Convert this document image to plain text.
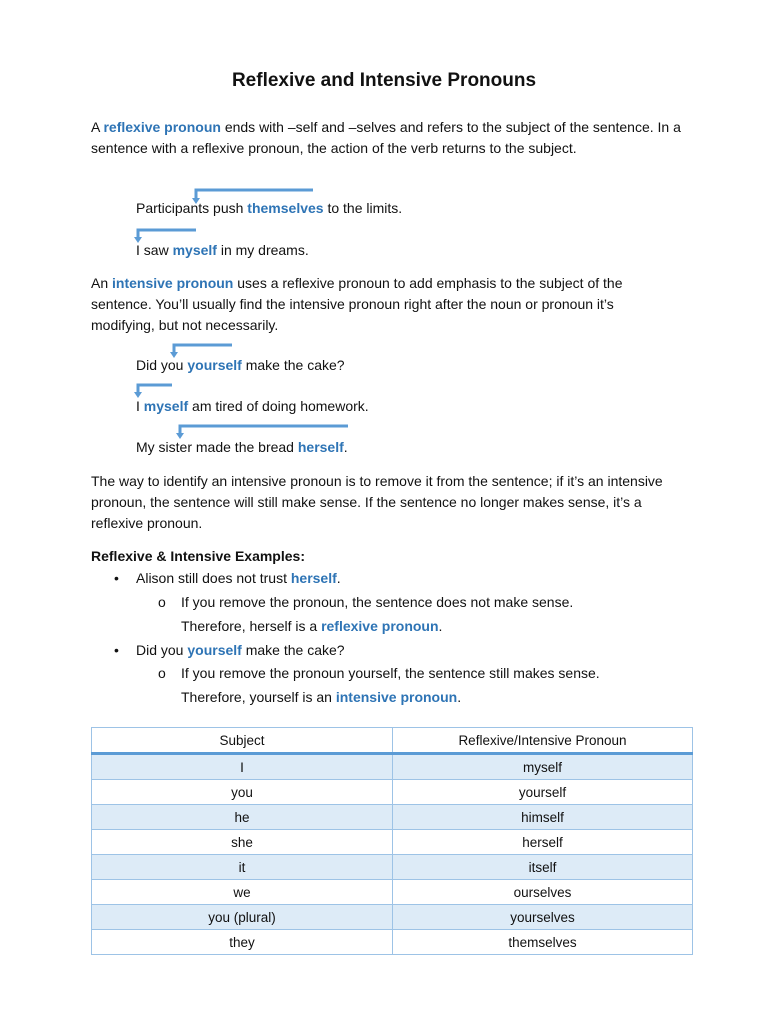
Reflexive and Intensive Pronouns
A reflexive pronoun ends with –self and –selves and refers to the subject of the sentence. In a sentence with a reflexive pronoun, the action of the verb returns to the subject.
Participants push themselves to the limits.
I saw myself in my dreams.
An intensive pronoun uses a reflexive pronoun to add emphasis to the subject of the sentence. You’ll usually find the intensive pronoun right after the noun or pronoun it’s modifying, but not necessarily.
Did you yourself make the cake?
I myself am tired of doing homework.
My sister made the bread herself.
The way to identify an intensive pronoun is to remove it from the sentence; if it’s an intensive pronoun, the sentence will still make sense. If the sentence no longer makes sense, it’s a reflexive pronoun.
Reflexive & Intensive Examples:
• Alison still does not trust herself.
o If you remove the pronoun, the sentence does not make sense.
Therefore, herself is a reflexive pronoun.
• Did you yourself make the cake?
o If you remove the pronoun yourself, the sentence still makes sense.
Therefore, yourself is an intensive pronoun.
Subject	Reflexive/Intensive Pronoun
I	myself
you	yourself
he	himself
she	herself
it	itself
we	ourselves
you (plural)	yourselves
they	themselves
